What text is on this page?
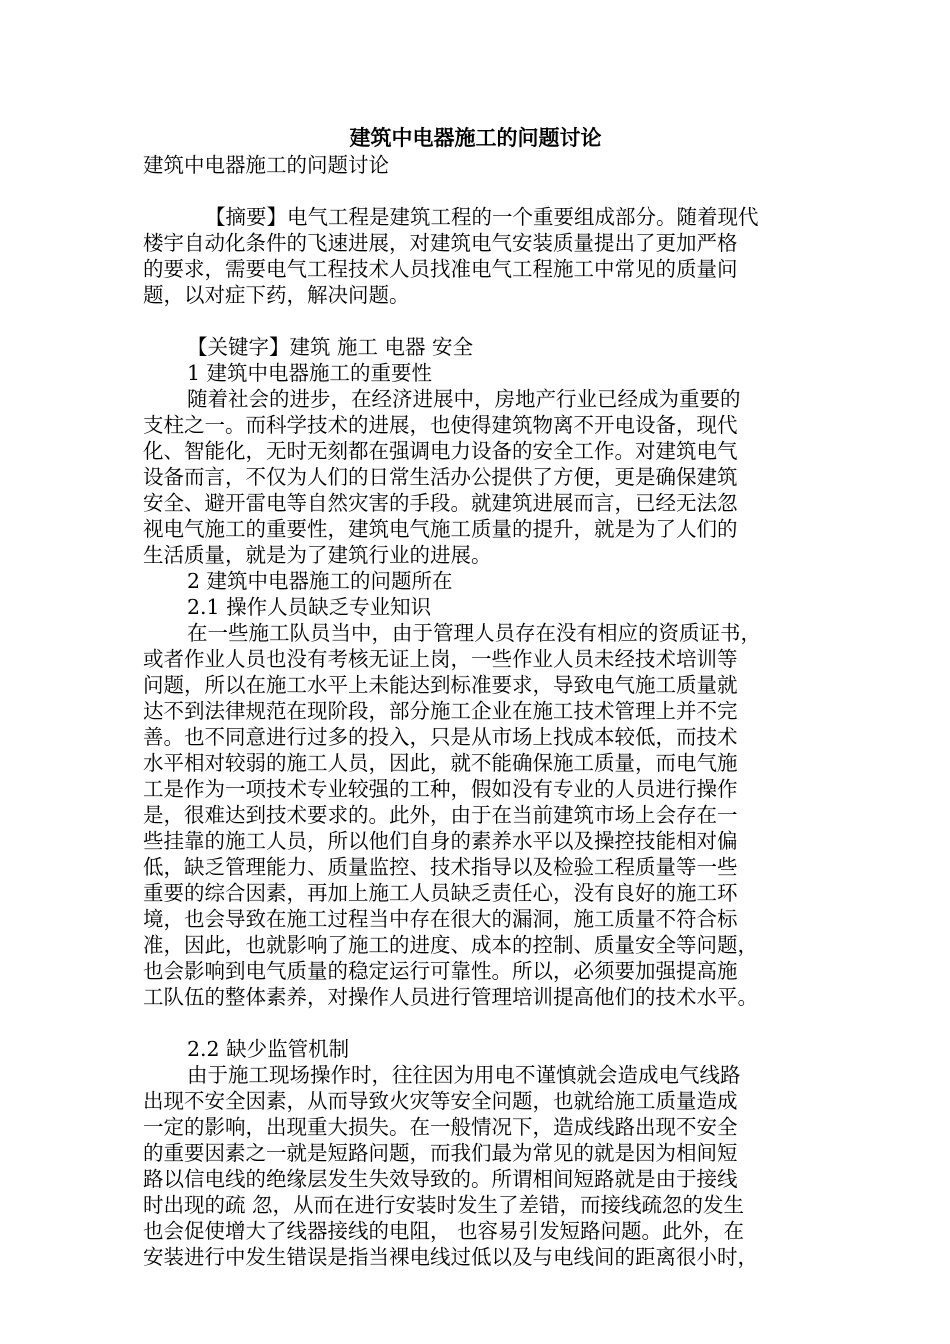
建筑中电器施工的问题讨论

建筑中电器施工的问题讨论

【摘要】电气工程是建筑工程的一个重要组成部分。随着现代

楼宇自动化条件的飞速进展，对建筑电气安装质量提出了更加严格

的要求，需要电气工程技术人员找准电气工程施工中常见的质量问

题，以对症下药，解决问题。

【关键字】建筑 施工 电器 安全

1 建筑中电器施工的重要性

随着社会的进步，在经济进展中，房地产行业已经成为重要的

支柱之一。而科学技术的进展，也使得建筑物离不开电设备，现代

化、智能化，无时无刻都在强调电力设备的安全工作。对建筑电气

设备而言，不仅为人们的日常生活办公提供了方便，更是确保建筑

安全、避开雷电等自然灾害的手段。就建筑进展而言，已经无法忽

视电气施工的重要性，建筑电气施工质量的提升，就是为了人们的

生活质量，就是为了建筑行业的进展。

2 建筑中电器施工的问题所在

2.1 操作人员缺乏专业知识

在一些施工队员当中，由于管理人员存在没有相应的资质证书，

或者作业人员也没有考核无证上岗，一些作业人员未经技术培训等

问题，所以在施工水平上未能达到标准要求，导致电气施工质量就

达不到法律规范在现阶段，部分施工企业在施工技术管理上并不完

善。也不同意进行过多的投入，只是从市场上找成本较低，而技术

水平相对较弱的施工人员，因此，就不能确保施工质量，而电气施

工是作为一项技术专业较强的工种，假如没有专业的人员进行操作

是，很难达到技术要求的。此外，由于在当前建筑市场上会存在一

些挂靠的施工人员，所以他们自身的素养水平以及操控技能相对偏

低，缺乏管理能力、质量监控、技术指导以及检验工程质量等一些

重要的综合因素，再加上施工人员缺乏责任心，没有良好的施工环

境，也会导致在施工过程当中存在很大的漏洞，施工质量不符合标

准，因此，也就影响了施工的进度、成本的控制、质量安全等问题，

也会影响到电气质量的稳定运行可靠性。所以，必须要加强提高施

工队伍的整体素养，对操作人员进行管理培训提高他们的技术水平。

2.2 缺少监管机制

由于施工现场操作时，往往因为用电不谨慎就会造成电气线路

出现不安全因素，从而导致火灾等安全问题，也就给施工质量造成

一定的影响，出现重大损失。在一般情况下，造成线路出现不安全

的重要因素之一就是短路问题，而我们最为常见的就是因为相间短

路以信电线的绝缘层发生失效导致的。所谓相间短路就是由于接线

时出现的疏 忽，从而在进行安装时发生了差错，而接线疏忽的发生

也会促使增大了线器接线的电阻， 也容易引发短路问题。此外，在

安装进行中发生错误是指当裸电线过低以及与电线间的距离很小时，
